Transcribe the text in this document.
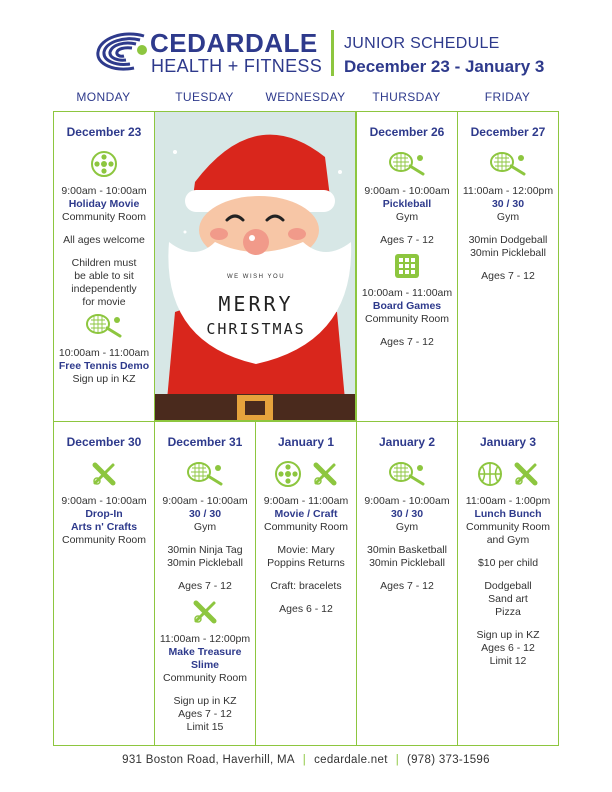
CEDARDALE
HEALTH + FITNESS
JUNIOR SCHEDULE
December 23 - January 3
MONDAY	TUESDAY	WEDNESDAY	THURSDAY	FRIDAY
December 23
9:00am - 10:00am
Holiday Movie
Community Room
All ages welcome
Children must
be able to sit
independently
for movie
10:00am - 11:00am
Free Tennis Demo
Sign up in KZ
WE WISH YOU
MERRY
CHRISTMAS
December 26
9:00am - 10:00am
Pickleball
Gym
Ages 7 - 12
10:00am - 11:00am
Board Games
Community Room
Ages 7 - 12
December 27
11:00am - 12:00pm
30 / 30
Gym
30min Dodgeball
30min Pickleball
Ages 7 - 12
December 30
9:00am - 10:00am
Drop-In
Arts n' Crafts
Community Room
December 31
9:00am - 10:00am
30 / 30
Gym
30min Ninja Tag
30min Pickleball
Ages 7 - 12
11:00am - 12:00pm
Make Treasure
Slime
Community Room
Sign up in KZ
Ages 7 - 12
Limit 15
January 1
9:00am - 11:00am
Movie / Craft
Community Room
Movie: Mary
Poppins Returns
Craft: bracelets
Ages 6 - 12
January 2
9:00am - 10:00am
30 / 30
Gym
30min Basketball
30min Pickleball
Ages 7 - 12
January 3
11:00am - 1:00pm
Lunch Bunch
Community Room
and Gym
$10 per child
Dodgeball
Sand art
Pizza
Sign up in KZ
Ages 6 - 12
Limit 12
931 Boston Road, Haverhill, MA | cedardale.net | (978) 373-1596
